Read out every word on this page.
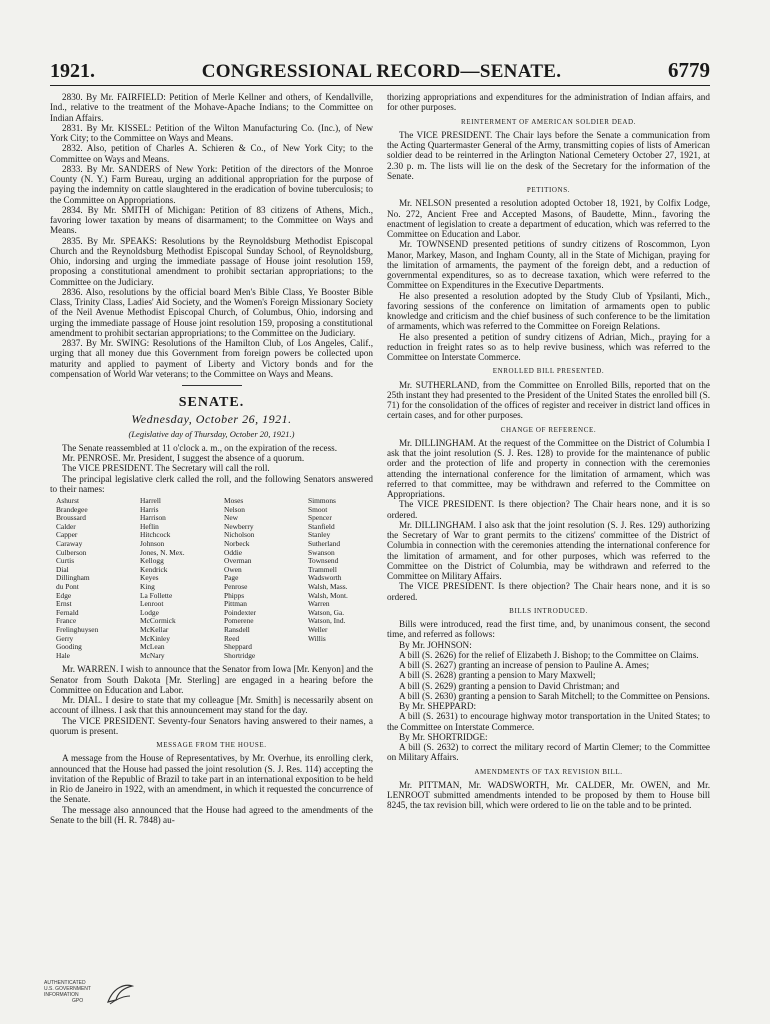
1921.	CONGRESSIONAL RECORD—SENATE.	6779

2830. By Mr. FAIRFIELD: Petition of Merle Kellner and others, of Kendallville, Ind., relative to the treatment of the Mohave-Apache Indians; to the Committee on Indian Affairs.

2831. By Mr. KISSEL: Petition of the Wilton Manufacturing Co. (Inc.), of New York City; to the Committee on Ways and Means.

2832. Also, petition of Charles A. Schieren & Co., of New York City; to the Committee on Ways and Means.

2833. By Mr. SANDERS of New York: Petition of the directors of the Monroe County (N. Y.) Farm Bureau, urging an additional appropriation for the purpose of paying the indemnity on cattle slaughtered in the eradication of bovine tuberculosis; to the Committee on Appropriations.

2834. By Mr. SMITH of Michigan: Petition of 83 citizens of Athens, Mich., favoring lower taxation by means of disarmament; to the Committee on Ways and Means.

2835. By Mr. SPEAKS: Resolutions by the Reynoldsburg Methodist Episcopal Church and the Reynoldsburg Methodist Episcopal Sunday School, of Reynoldsburg, Ohio, indorsing and urging the immediate passage of House joint resolution 159, proposing a constitutional amendment to prohibit sectarian appropriations; to the Committee on the Judiciary.

2836. Also, resolutions by the official board Men's Bible Class, Ye Booster Bible Class, Trinity Class, Ladies' Aid Society, and the Women's Foreign Missionary Society of the Neil Avenue Methodist Episcopal Church, of Columbus, Ohio, indorsing and urging the immediate passage of House joint resolution 159, proposing a constitutional amendment to prohibit sectarian appropriations; to the Committee on the Judiciary.

2837. By Mr. SWING: Resolutions of the Hamilton Club, of Los Angeles, Calif., urging that all money due this Government from foreign powers be collected upon maturity and applied to payment of Liberty and Victory bonds and for the compensation of World War veterans; to the Committee on Ways and Means.

SENATE.
Wednesday, October 26, 1921.
(Legislative day of Thursday, October 20, 1921.)

The Senate reassembled at 11 o'clock a. m., on the expiration of the recess.

Mr. PENROSE. Mr. President, I suggest the absence of a quorum.

The VICE PRESIDENT. The Secretary will call the roll.

The principal legislative clerk called the roll, and the following Senators answered to their names:

Ashurst
Brandegee
Broussard
Calder
Capper
Caraway
Culberson
Curtis
Dial
Dillingham
du Pont
Edge
Ernst
Fernald
France
Frelinghuysen
Gerry
Gooding
Hale
Harrell
Harris
Harrison
Heflin
Hitchcock
Johnson
Jones, N. Mex.
Kellogg
Kendrick
Keyes
King
La Follette
Lenroot
Lodge
McCormick
McKellar
McKinley
McLean
McNary
Moses
Nelson
New
Newberry
Nicholson
Norbeck
Oddie
Overman
Owen
Page
Penrose
Phipps
Pittman
Poindexter
Pomerene
Ransdell
Reed
Sheppard
Shortridge
Simmons
Smoot
Spencer
Stanfield
Stanley
Sutherland
Swanson
Townsend
Trammell
Wadsworth
Walsh, Mass.
Walsh, Mont.
Warren
Watson, Ga.
Watson, Ind.
Weller
Willis

Mr. WARREN. I wish to announce that the Senator from Iowa [Mr. Kenyon] and the Senator from South Dakota [Mr. Sterling] are engaged in a hearing before the Committee on Education and Labor.

Mr. DIAL. I desire to state that my colleague [Mr. Smith] is necessarily absent on account of illness. I ask that this announcement may stand for the day.

The VICE PRESIDENT. Seventy-four Senators having answered to their names, a quorum is present.

MESSAGE FROM THE HOUSE.

A message from the House of Representatives, by Mr. Overhue, its enrolling clerk, announced that the House had passed the joint resolution (S. J. Res. 114) accepting the invitation of the Republic of Brazil to take part in an international exposition to be held in Rio de Janeiro in 1922, with an amendment, in which it requested the concurrence of the Senate.

The message also announced that the House had agreed to the amendments of the Senate to the bill (H. R. 7848) au-

thorizing appropriations and expenditures for the administration of Indian affairs, and for other purposes.

REINTERMENT OF AMERICAN SOLDIER DEAD.

The VICE PRESIDENT. The Chair lays before the Senate a communication from the Acting Quartermaster General of the Army, transmitting copies of lists of American soldier dead to be reinterred in the Arlington National Cemetery October 27, 1921, at 2.30 p. m. The lists will lie on the desk of the Secretary for the information of the Senate.

PETITIONS.

Mr. NELSON presented a resolution adopted October 18, 1921, by Colfix Lodge, No. 272, Ancient Free and Accepted Masons, of Baudette, Minn., favoring the enactment of legislation to create a department of education, which was referred to the Committee on Education and Labor.

Mr. TOWNSEND presented petitions of sundry citizens of Roscommon, Lyon Manor, Markey, Mason, and Ingham County, all in the State of Michigan, praying for the limitation of armaments, the payment of the foreign debt, and a reduction of governmental expenditures, so as to decrease taxation, which were referred to the Committee on Expenditures in the Executive Departments.

He also presented a resolution adopted by the Study Club of Ypsilanti, Mich., favoring sessions of the conference on limitation of armaments open to public knowledge and criticism and the chief business of such conference to be the limitation of armaments, which was referred to the Committee on Foreign Relations.

He also presented a petition of sundry citizens of Adrian, Mich., praying for a reduction in freight rates so as to help revive business, which was referred to the Committee on Interstate Commerce.

ENROLLED BILL PRESENTED.

Mr. SUTHERLAND, from the Committee on Enrolled Bills, reported that on the 25th instant they had presented to the President of the United States the enrolled bill (S. 71) for the consolidation of the offices of register and receiver in district land offices in certain cases, and for other purposes.

CHANGE OF REFERENCE.

Mr. DILLINGHAM. At the request of the Committee on the District of Columbia I ask that the joint resolution (S. J. Res. 128) to provide for the maintenance of public order and the protection of life and property in connection with the ceremonies attending the international conference for the limitation of armament, which was referred to that committee, may be withdrawn and referred to the Committee on Appropriations.

The VICE PRESIDENT. Is there objection? The Chair hears none, and it is so ordered.

Mr. DILLINGHAM. I also ask that the joint resolution (S. J. Res. 129) authorizing the Secretary of War to grant permits to the citizens' committee of the District of Columbia in connection with the ceremonies attending the international conference for the limitation of armament, and for other purposes, which was referred to the Committee on the District of Columbia, may be withdrawn and referred to the Committee on Military Affairs.

The VICE PRESIDENT. Is there objection? The Chair hears none, and it is so ordered.

BILLS INTRODUCED.

Bills were introduced, read the first time, and, by unanimous consent, the second time, and referred as follows:

By Mr. JOHNSON:

A bill (S. 2626) for the relief of Elizabeth J. Bishop; to the Committee on Claims.

A bill (S. 2627) granting an increase of pension to Pauline A. Ames;

A bill (S. 2628) granting a pension to Mary Maxwell;

A bill (S. 2629) granting a pension to David Christman; and

A bill (S. 2630) granting a pension to Sarah Mitchell; to the Committee on Pensions.

By Mr. SHEPPARD:

A bill (S. 2631) to encourage highway motor transportation in the United States; to the Committee on Interstate Commerce.

By Mr. SHORTRIDGE:

A bill (S. 2632) to correct the military record of Martin Clemer; to the Committee on Military Affairs.

AMENDMENTS OF TAX REVISION BILL.

Mr. PITTMAN, Mr. WADSWORTH, Mr. CALDER, Mr. OWEN, and Mr. LENROOT submitted amendments intended to be proposed by them to House bill 8245, the tax revision bill, which were ordered to lie on the table and to be printed.

AUTHENTICATED
U.S. GOVERNMENT
INFORMATION
GPO
